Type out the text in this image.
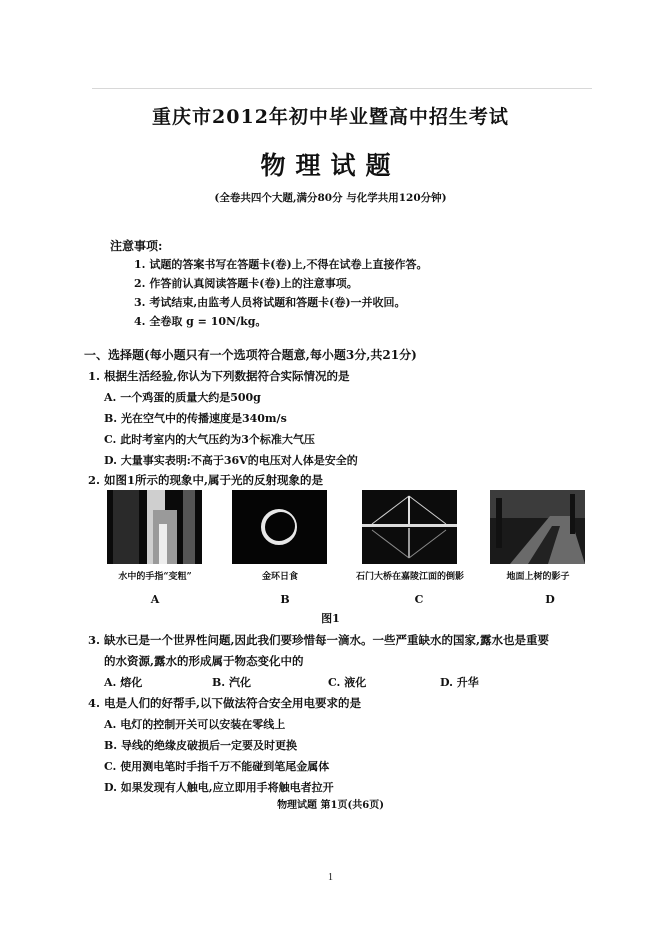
重庆市2012年初中毕业暨高中招生考试
物理试题
(全卷共四个大题,满分80分 与化学共用120分钟)
注意事项:
1. 试题的答案书写在答题卡(卷)上,不得在试卷上直接作答。
2. 作答前认真阅读答题卡(卷)上的注意事项。
3. 考试结束,由监考人员将试题和答题卡(卷)一并收回。
4. 全卷取 g = 10N/kg。
一、选择题(每小题只有一个选项符合题意,每小题3分,共21分)
1. 根据生活经验,你认为下列数据符合实际情况的是
A. 一个鸡蛋的质量大约是500g
B. 光在空气中的传播速度是340m/s
C. 此时考室内的大气压约为3个标准大气压
D. 大量事实表明:不高于36V的电压对人体是安全的
2. 如图1所示的现象中,属于光的反射现象的是
水中的手指“变粗”	金环日食	石门大桥在嘉陵江面的倒影	地面上树的影子
A	B	C	D
图1
3. 缺水已是一个世界性问题,因此我们要珍惜每一滴水。一些严重缺水的国家,露水也是重要
的水资源,露水的形成属于物态变化中的
A. 熔化	B. 汽化	C. 液化	D. 升华
4. 电是人们的好帮手,以下做法符合安全用电要求的是
A. 电灯的控制开关可以安装在零线上
B. 导线的绝缘皮破损后一定要及时更换
C. 使用测电笔时手指千万不能碰到笔尾金属体
D. 如果发现有人触电,应立即用手将触电者拉开
物理试题 第1页(共6页)
1
